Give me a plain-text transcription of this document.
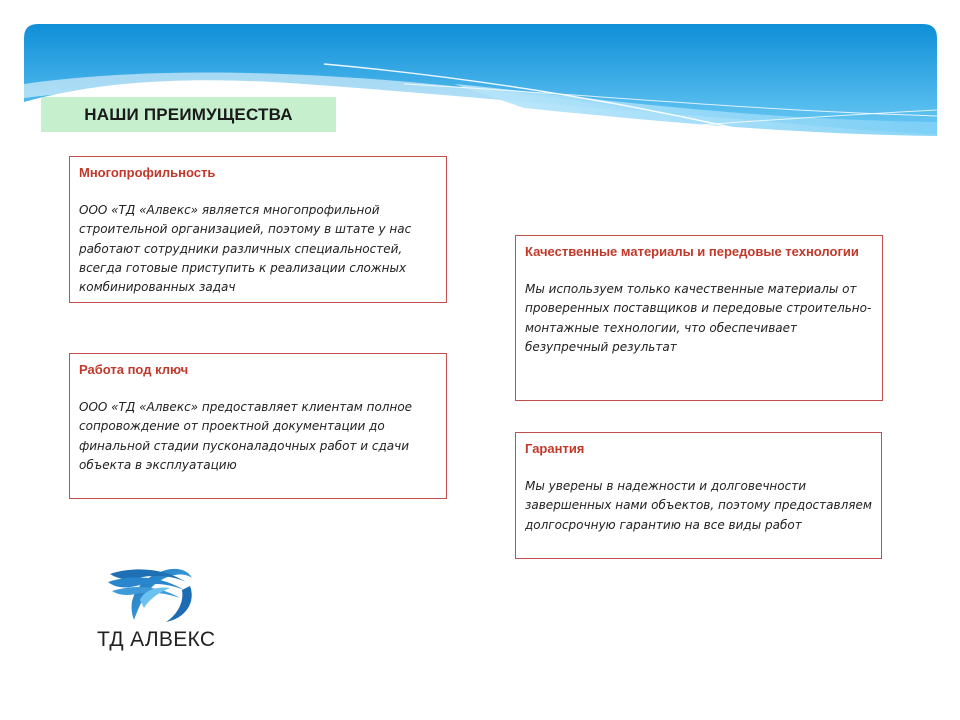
НАШИ ПРЕИМУЩЕСТВА
Многопрофильность
ООО «ТД «Алвекс» является многопрофильной строительной организацией, поэтому в штате у нас работают сотрудники различных специальностей, всегда готовые приступить к реализации сложных комбинированных задач
Работа под ключ
ООО «ТД «Алвекс» предоставляет клиентам полное сопровождение от проектной документации до финальной стадии пусконаладочных работ и сдачи объекта в эксплуатацию
Качественные материалы и передовые технологии
Мы используем только качественные материалы от проверенных поставщиков и передовые строительно-монтажные технологии, что обеспечивает безупречный результат
Гарантия
Мы уверены в надежности и долговечности завершенных нами объектов, поэтому предоставляем долгосрочную гарантию на все виды работ
ТД АЛВЕКС
